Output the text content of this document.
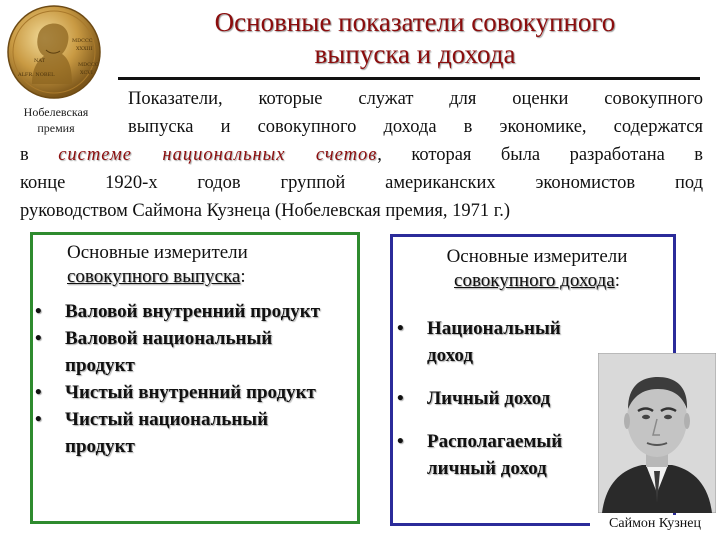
NAT
MDCCC
XXXIII
MDCCC
XCVI
ALFR. NOBEL
Нобелевская
премия
Основные показатели совокупного
выпуска и дохода
Показатели, которые служат для оценки совокупного
выпуска и совокупного дохода в экономике, содержатся
в системе национальных счетов, которая была разработана в
конце 1920-х годов группой американских экономистов под
руководством Саймона Кузнеца (Нобелевская премия, 1971 г.)
Основные измерители
совокупного выпуска:
• Валовой внутренний продукт
• Валовой национальный продукт
• Чистый внутренний продукт
• Чистый национальный продукт
Основные измерители
совокупного дохода:
• Национальный доход
• Личный доход
• Располагаемый личный доход
Саймон Кузнец
